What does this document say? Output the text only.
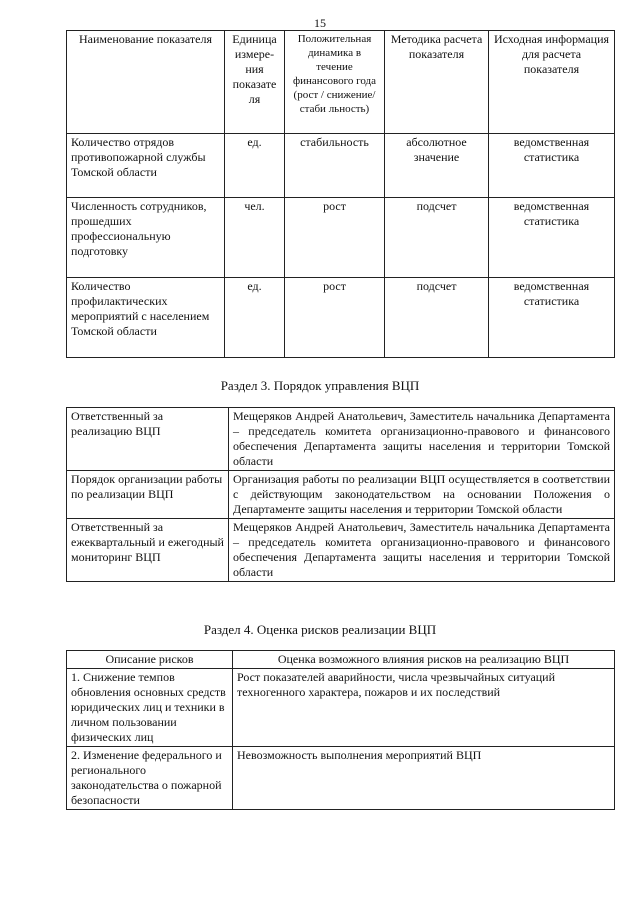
15
Наименование показателя	Единица измере-ния показате ля	Положительная динамика в течение финансового года (рост / снижение/стаби льность)	Методика расчета показателя	Исходная информация для расчета показателя
Количество отрядов противопожарной службы Томской области	ед.	стабильность	абсолютное значение	ведомственная статистика
Численность сотрудников, прошедших профессиональную подготовку	чел.	рост	подсчет	ведомственная статистика
Количество профилактических мероприятий с населением Томской области	ед.	рост	подсчет	ведомственная статистика
Раздел 3. Порядок управления ВЦП
Ответственный за реализацию ВЦП	Мещеряков Андрей Анатольевич, Заместитель начальника Департамента – председатель комитета организационно-правового и финансового обеспечения Департамента защиты населения и территории Томской области
Порядок организации работы по реализации ВЦП	Организация работы по реализации ВЦП осуществляется в соответствии с действующим законодательством на основании Положения о Департаменте защиты населения и территории Томской области
Ответственный за ежеквартальный и ежегодный мониторинг ВЦП	Мещеряков Андрей Анатольевич, Заместитель начальника Департамента – председатель комитета организационно-правового и финансового обеспечения Департамента защиты населения и территории Томской области
Раздел 4. Оценка рисков реализации ВЦП
Описание рисков	Оценка возможного влияния рисков на реализацию ВЦП
1. Снижение темпов обновления основных средств юридических лиц и техники в личном пользовании физических лиц	Рост показателей аварийности, числа чрезвычайных ситуаций техногенного характера, пожаров и их последствий
2. Изменение федерального и регионального законодательства о пожарной безопасности	Невозможность выполнения мероприятий ВЦП
